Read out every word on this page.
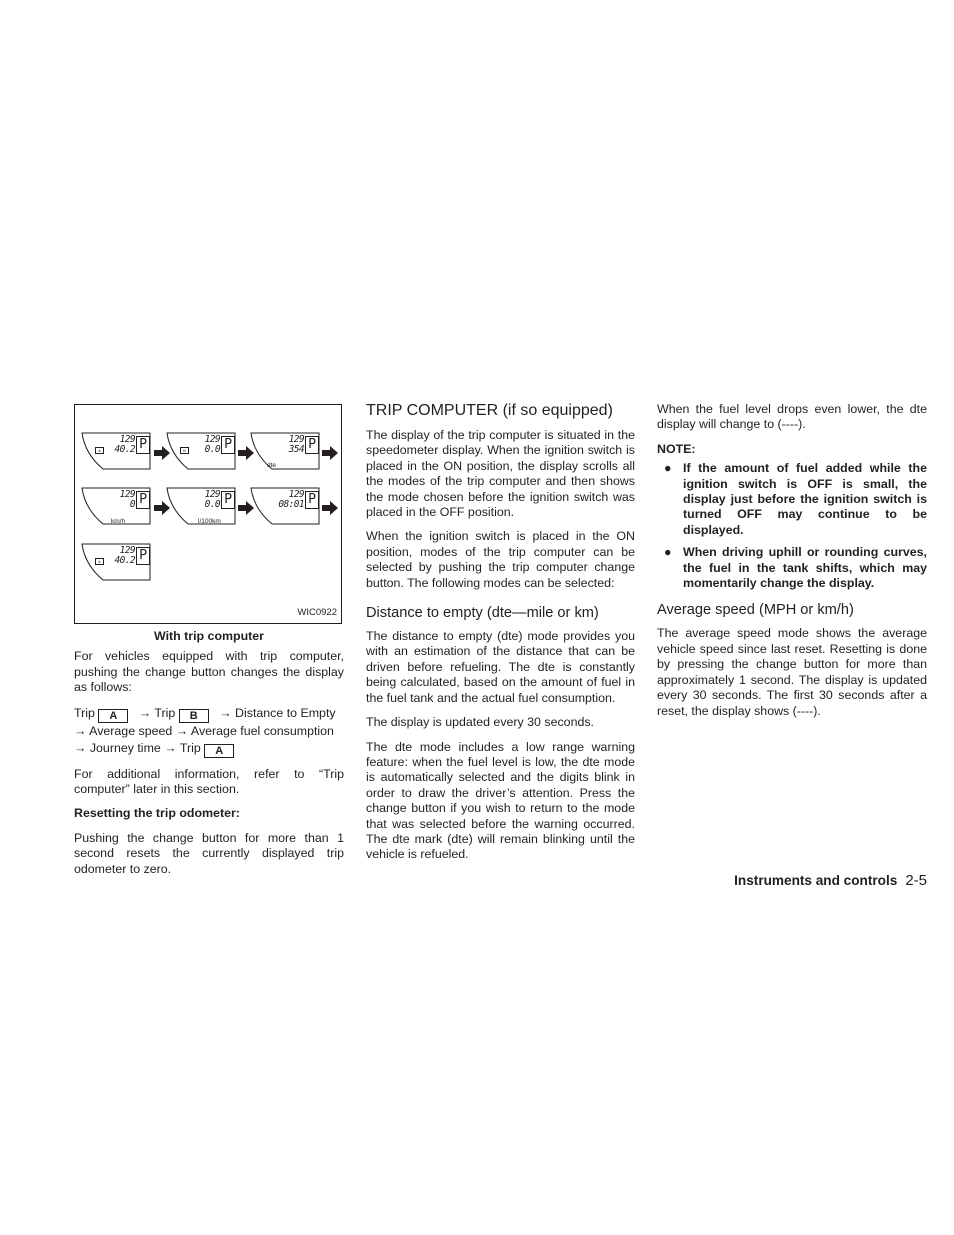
A
129
40.2 P	B
129
0.0 P	129
354 P
dte
129
0 P
km/h
129
0.0 P
l/100km
129
08:01 P
A
129
40.2 P
WIC0922
With trip computer

For vehicles equipped with trip computer, pushing the change button changes the display as follows:

Trip A → Trip B → Distance to Empty → Average speed → Average fuel consumption → Journey time → Trip A

For additional information, refer to “Trip computer” later in this section.

Resetting the trip odometer:

Pushing the change button for more than 1 second resets the currently displayed trip odometer to zero.

TRIP COMPUTER (if so equipped)

The display of the trip computer is situated in the speedometer display. When the ignition switch is placed in the ON position, the display scrolls all the modes of the trip computer and then shows the mode chosen before the ignition switch was placed in the OFF position.

When the ignition switch is placed in the ON position, modes of the trip computer can be selected by pushing the trip computer change button. The following modes can be selected:

Distance to empty (dte—mile or km)

The distance to empty (dte) mode provides you with an estimation of the distance that can be driven before refueling. The dte is constantly being calculated, based on the amount of fuel in the fuel tank and the actual fuel consumption.

The display is updated every 30 seconds.

The dte mode includes a low range warning feature: when the fuel level is low, the dte mode is automatically selected and the digits blink in order to draw the driver’s attention. Press the change button if you wish to return to the mode that was selected before the warning occurred. The dte mark (dte) will remain blinking until the vehicle is refueled.

When the fuel level drops even lower, the dte display will change to (----).

NOTE:

● If the amount of fuel added while the ignition switch is OFF is small, the display just before the ignition switch is turned OFF may continue to be displayed.
● When driving uphill or rounding curves, the fuel in the tank shifts, which may momentarily change the display.
Average speed (MPH or km/h)

The average speed mode shows the average vehicle speed since last reset. Resetting is done by pressing the change button for more than approximately 1 second. The display is updated every 30 seconds. The first 30 seconds after a reset, the display shows (----).

Instruments and controls 2-5
